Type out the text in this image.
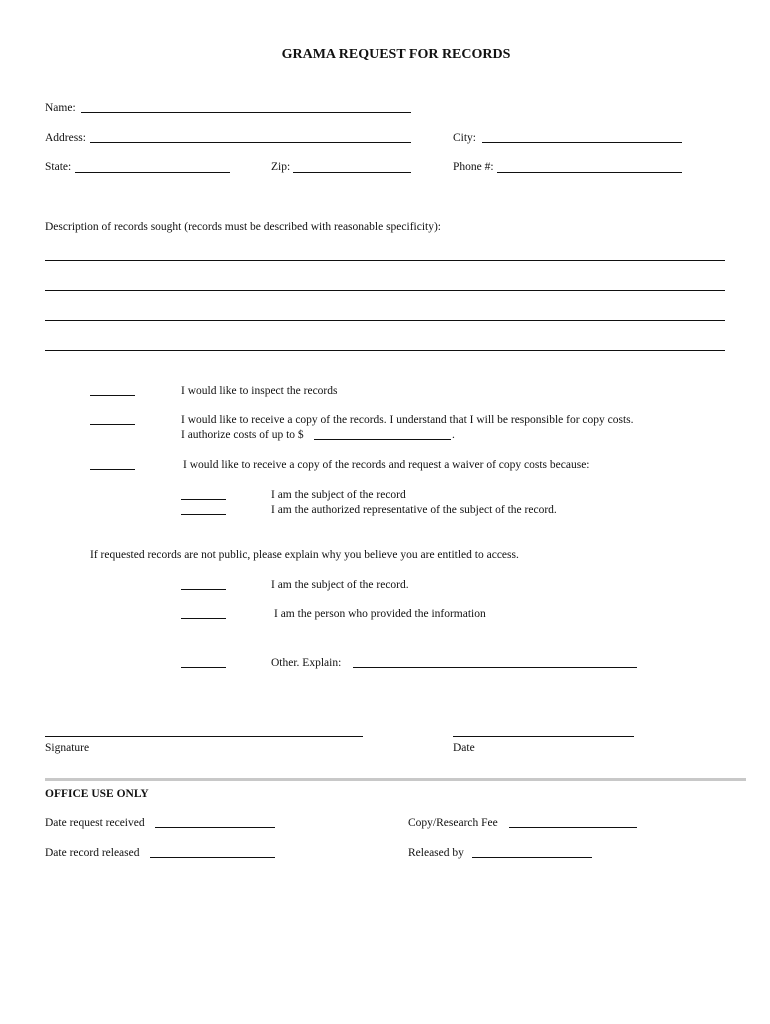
GRAMA REQUEST FOR RECORDS
Name:
Address:	City:
State:	Zip:	Phone #:
Description of records sought (records must be described with reasonable specificity):
I would like to inspect the records
I would like to receive a copy of the records. I understand that I will be responsible for copy costs.
I authorize costs of up to $	.
I would like to receive a copy of the records and request a waiver of copy costs because:
I am the subject of the record
I am the authorized representative of the subject of the record.
If requested records are not public, please explain why you believe you are entitled to access.
I am the subject of the record.
I am the person who provided the information
Other. Explain:
Signature	Date
OFFICE USE ONLY
Date request received	Copy/Research Fee
Date record released	Released by
